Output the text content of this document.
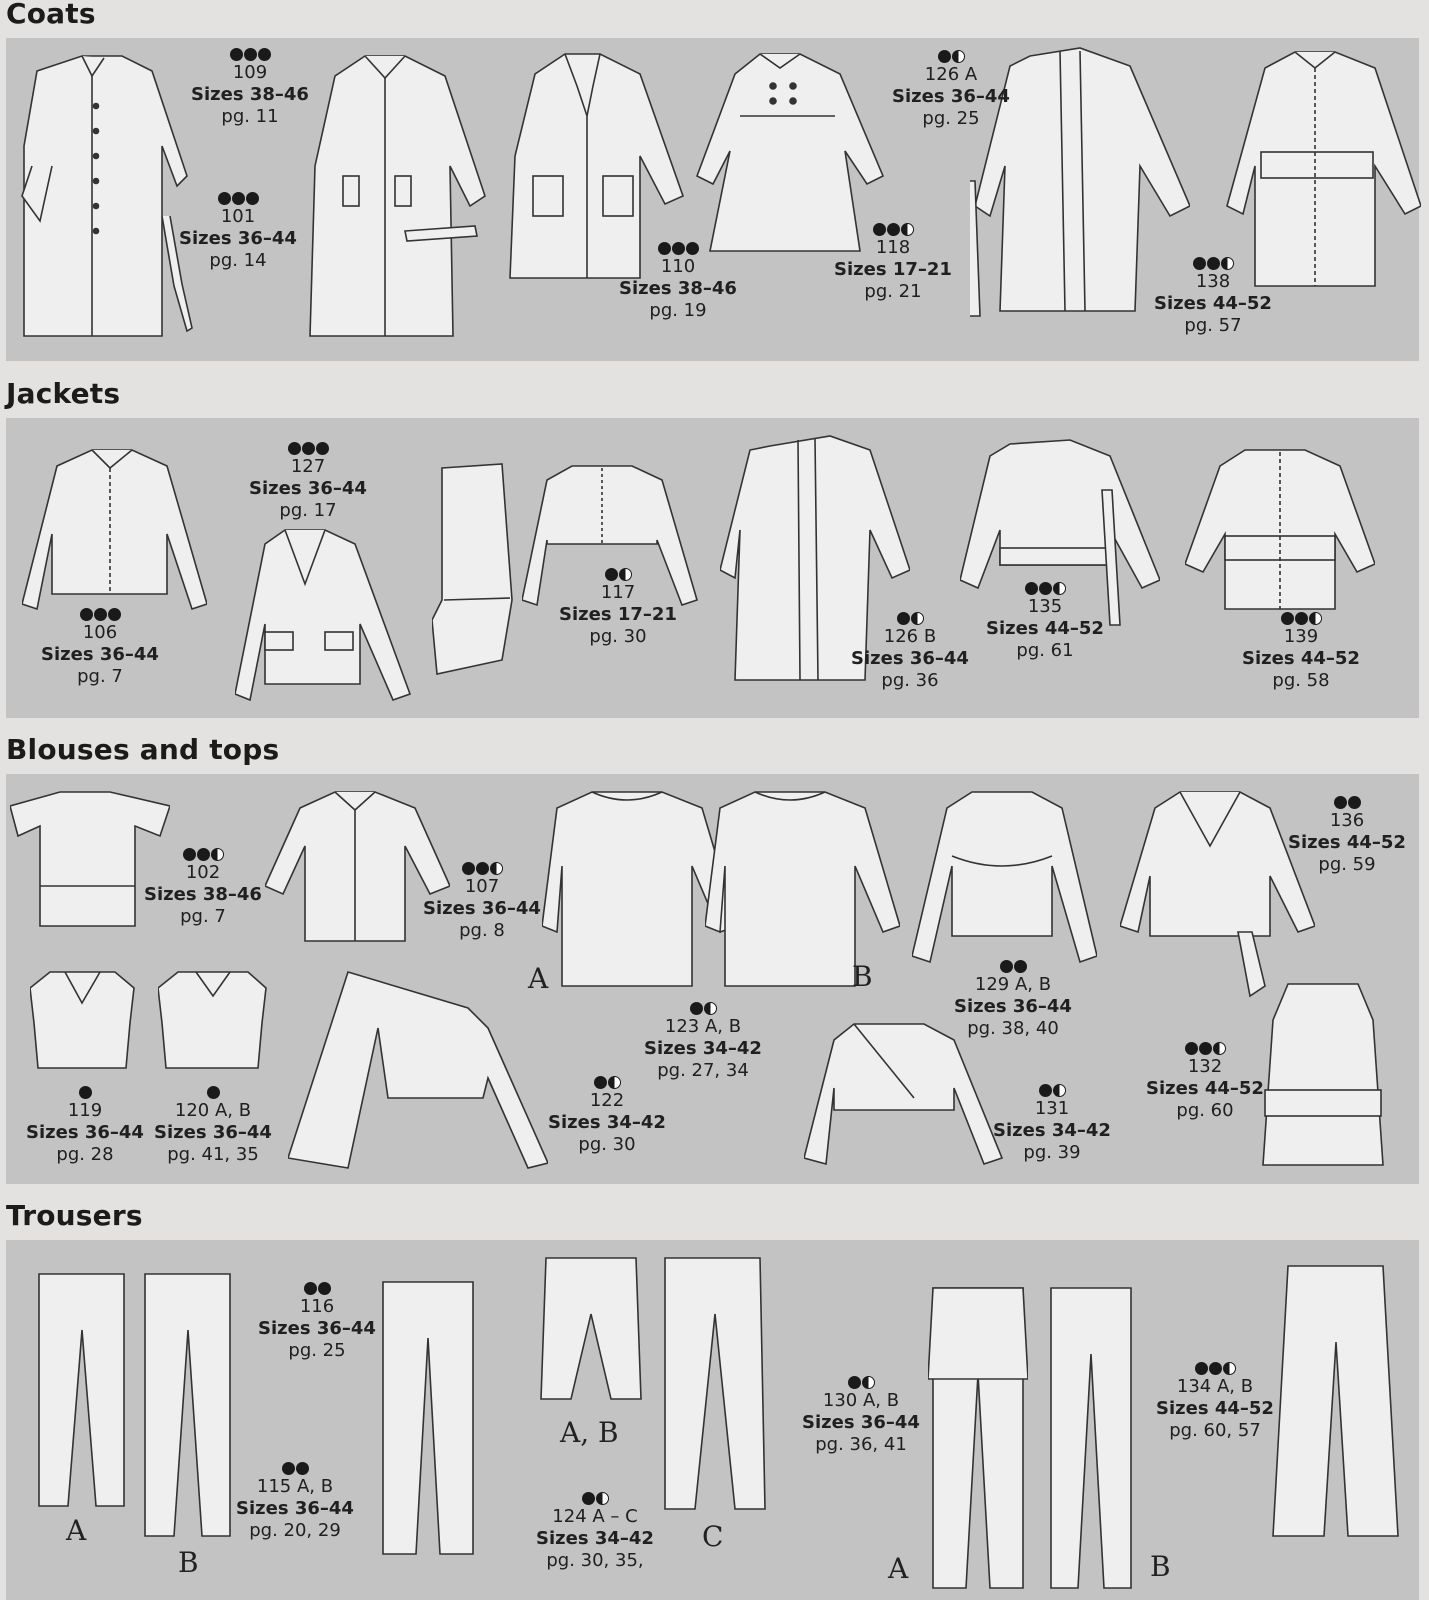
Coats
109
Sizes 38–46
pg. 11
101
Sizes 36–44
pg. 14	110
Sizes 38–46
pg. 19
118
Sizes 17–21
pg. 21
126 A
Sizes 36–44
pg. 25
138
Sizes 44–52
pg. 57
Jackets
106
Sizes 36–44
pg. 7
127
Sizes 36–44
pg. 17
117
Sizes 17–21
pg. 30	126 B
Sizes 36–44
pg. 36
135
Sizes 44–52
pg. 61
139
Sizes 44–52
pg. 58
Blouses and tops
A	B
102
Sizes 38–46
pg. 7
107
Sizes 36–44
pg. 8
123 A, B
Sizes 34–42
pg. 27, 34
129 A, B
Sizes 36–44
pg. 38, 40
136
Sizes 44–52
pg. 59
119
Sizes 36–44
pg. 28
120 A, B
Sizes 36–44
pg. 41, 35
122
Sizes 34–42
pg. 30
131
Sizes 34–42
pg. 39
132
Sizes 44–52
pg. 60
Trousers
A
B
A, B
C
A	B
116
Sizes 36–44
pg. 25
115 A, B
Sizes 36–44
pg. 20, 29
124 A – C
Sizes 34–42
pg. 30, 35,
130 A, B
Sizes 36–44
pg. 36, 41
134 A, B
Sizes 44–52
pg. 60, 57
